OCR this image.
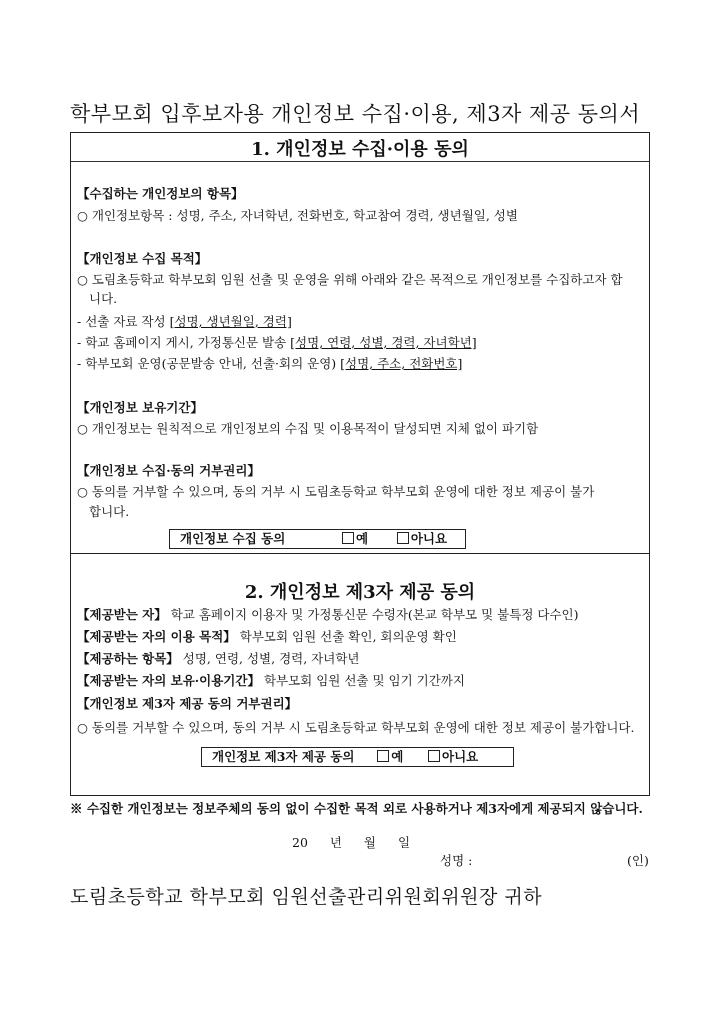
학부모회 입후보자용 개인정보 수집·이용, 제3자 제공 동의서
1. 개인정보 수집·이용 동의
【수집하는 개인정보의 항목】
○ 개인정보항목 : 성명, 주소, 자녀학년, 전화번호, 학교참여 경력, 생년월일, 성별
【개인정보 수집 목적】
○ 도림초등학교 학부모회 임원 선출 및 운영을 위해 아래와 같은 목적으로 개인정보를 수집하고자 합
니다.
- 선출 자료 작성 [성명, 생년월일, 경력]
- 학교 홈페이지 게시, 가정통신문 발송 [성명, 연령, 성별, 경력, 자녀학년]
- 학부모회 운영(공문발송 안내, 선출·회의 운영) [성명, 주소, 전화번호]
【개인정보 보유기간】
○ 개인정보는 원칙적으로 개인정보의 수집 및 이용목적이 달성되면 지체 없이 파기함
【개인정보 수집·동의 거부권리】
○ 동의를 거부할 수 있으며, 동의 거부 시 도림초등학교 학부모회 운영에 대한 정보 제공이 불가
합니다.
개인정보 수집 동의	예	아니요
2. 개인정보 제3자 제공 동의
【제공받는 자】 학교 홈페이지 이용자 및 가정통신문 수령자(본교 학부모 및 불특정 다수인)
【제공받는 자의 이용 목적】 학부모회 임원 선출 확인, 회의운영 확인
【제공하는 항목】 성명, 연령, 성별, 경력, 자녀학년
【제공받는 자의 보유·이용기간】 학부모회 임원 선출 및 임기 기간까지
【개인정보 제3자 제공 동의 거부권리】
○ 동의를 거부할 수 있으며, 동의 거부 시 도림초등학교 학부모회 운영에 대한 정보 제공이 불가합니다.
개인정보 제3자 제공 동의	예	아니요
※ 수집한 개인정보는 정보주체의 동의 없이 수집한 목적 외로 사용하거나 제3자에게 제공되지 않습니다.
20 년 월 일
성명 :	(인)
도림초등학교 학부모회 임원선출관리위원회위원장 귀하
